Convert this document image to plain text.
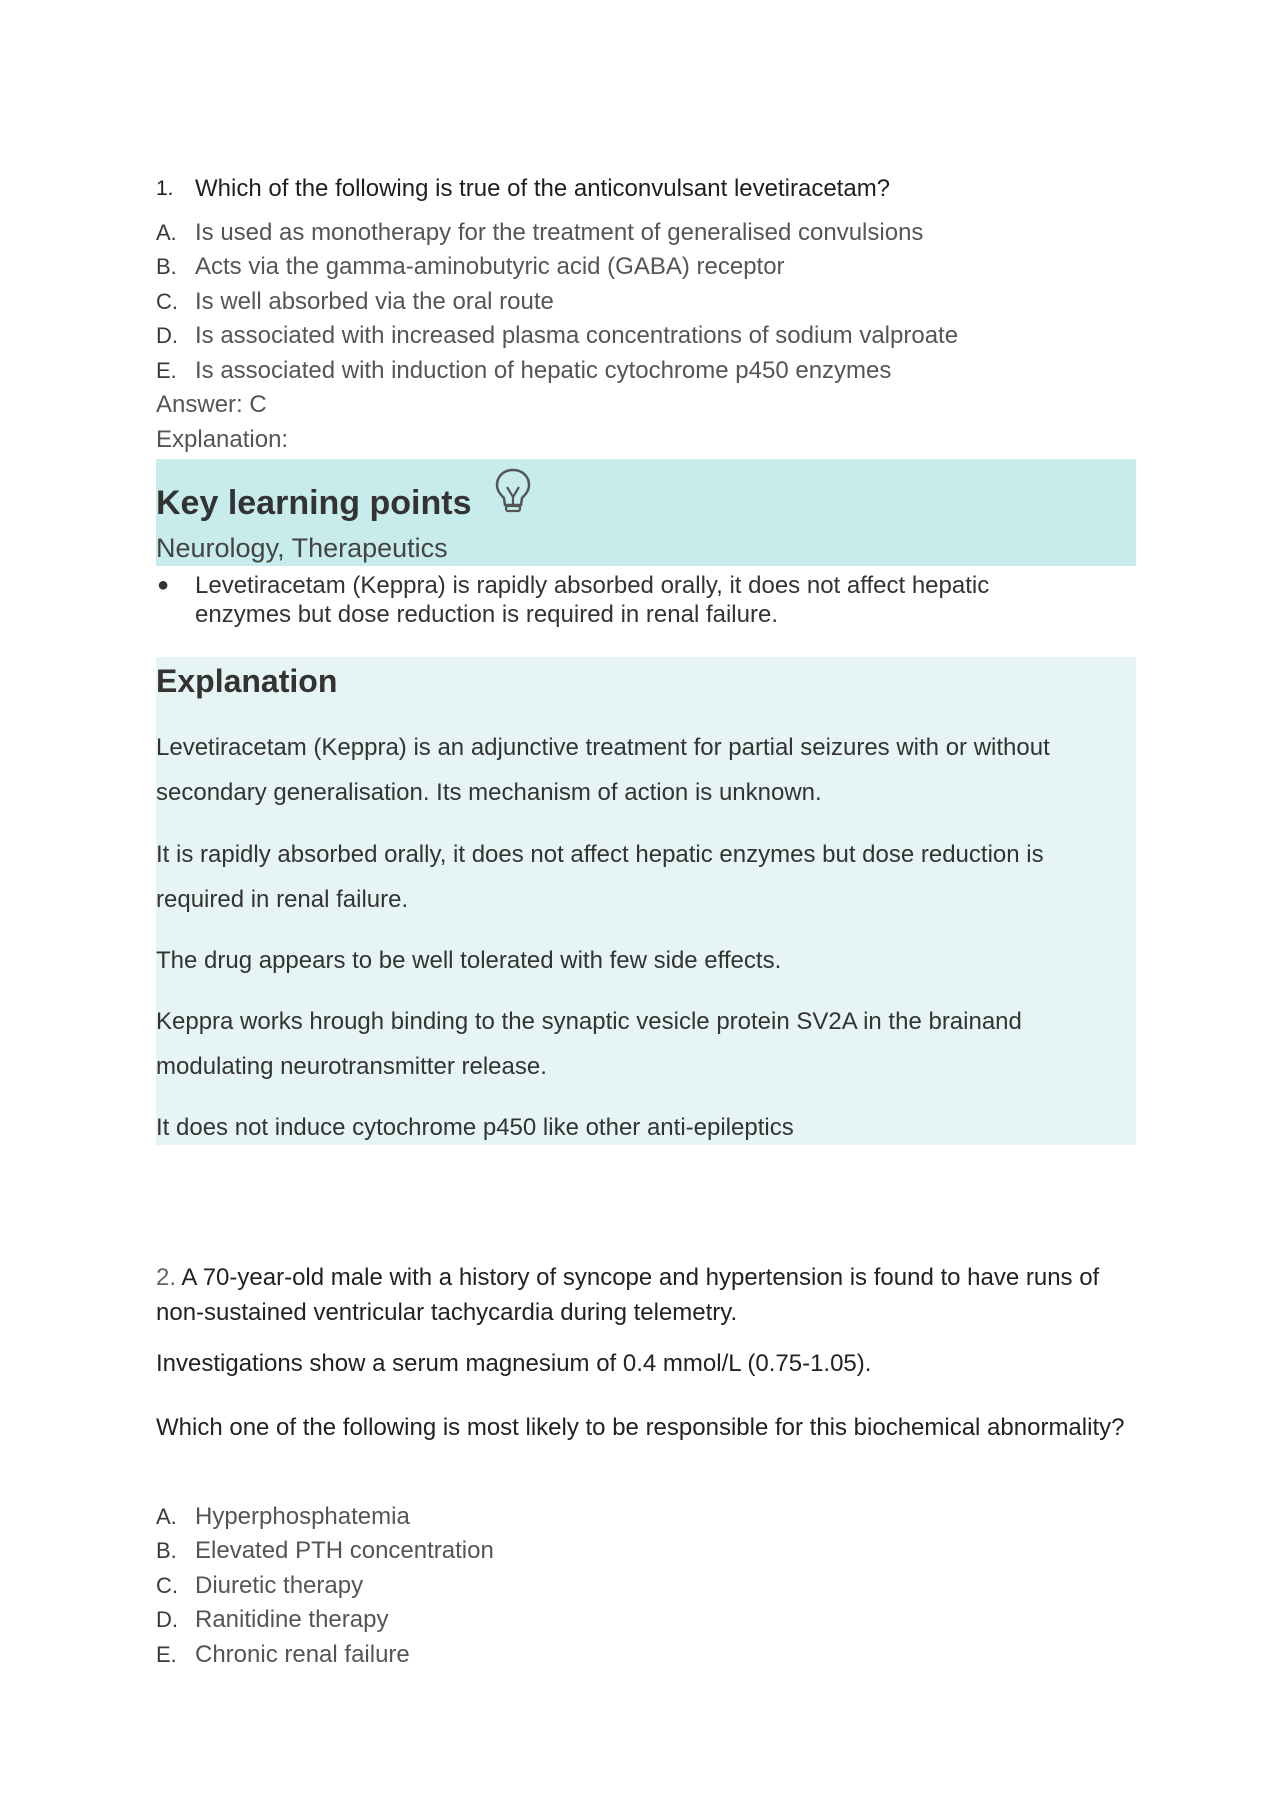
1. Which of the following is true of the anticonvulsant levetiracetam?
A. Is used as monotherapy for the treatment of generalised convulsions
B. Acts via the gamma-aminobutyric acid (GABA) receptor
C. Is well absorbed via the oral route
D. Is associated with increased plasma concentrations of sodium valproate
E. Is associated with induction of hepatic cytochrome p450 enzymes
Answer: C
Explanation:
Key learning points
Neurology, Therapeutics
●	Levetiracetam (Keppra) is rapidly absorbed orally, it does not affect hepatic enzymes but dose reduction is required in renal failure.
Explanation
Levetiracetam (Keppra) is an adjunctive treatment for partial seizures with or without secondary generalisation. Its mechanism of action is unknown.
It is rapidly absorbed orally, it does not affect hepatic enzymes but dose reduction is required in renal failure.
The drug appears to be well tolerated with few side effects.
Keppra works hrough binding to the synaptic vesicle protein SV2A in the brainand modulating neurotransmitter release.
It does not induce cytochrome p450 like other anti-epileptics
2. A 70-year-old male with a history of syncope and hypertension is found to have runs of non-sustained ventricular tachycardia during telemetry.
Investigations show a serum magnesium of 0.4 mmol/L (0.75-1.05).
Which one of the following is most likely to be responsible for this biochemical abnormality?
A. Hyperphosphatemia
B. Elevated PTH concentration
C. Diuretic therapy
D. Ranitidine therapy
E. Chronic renal failure
